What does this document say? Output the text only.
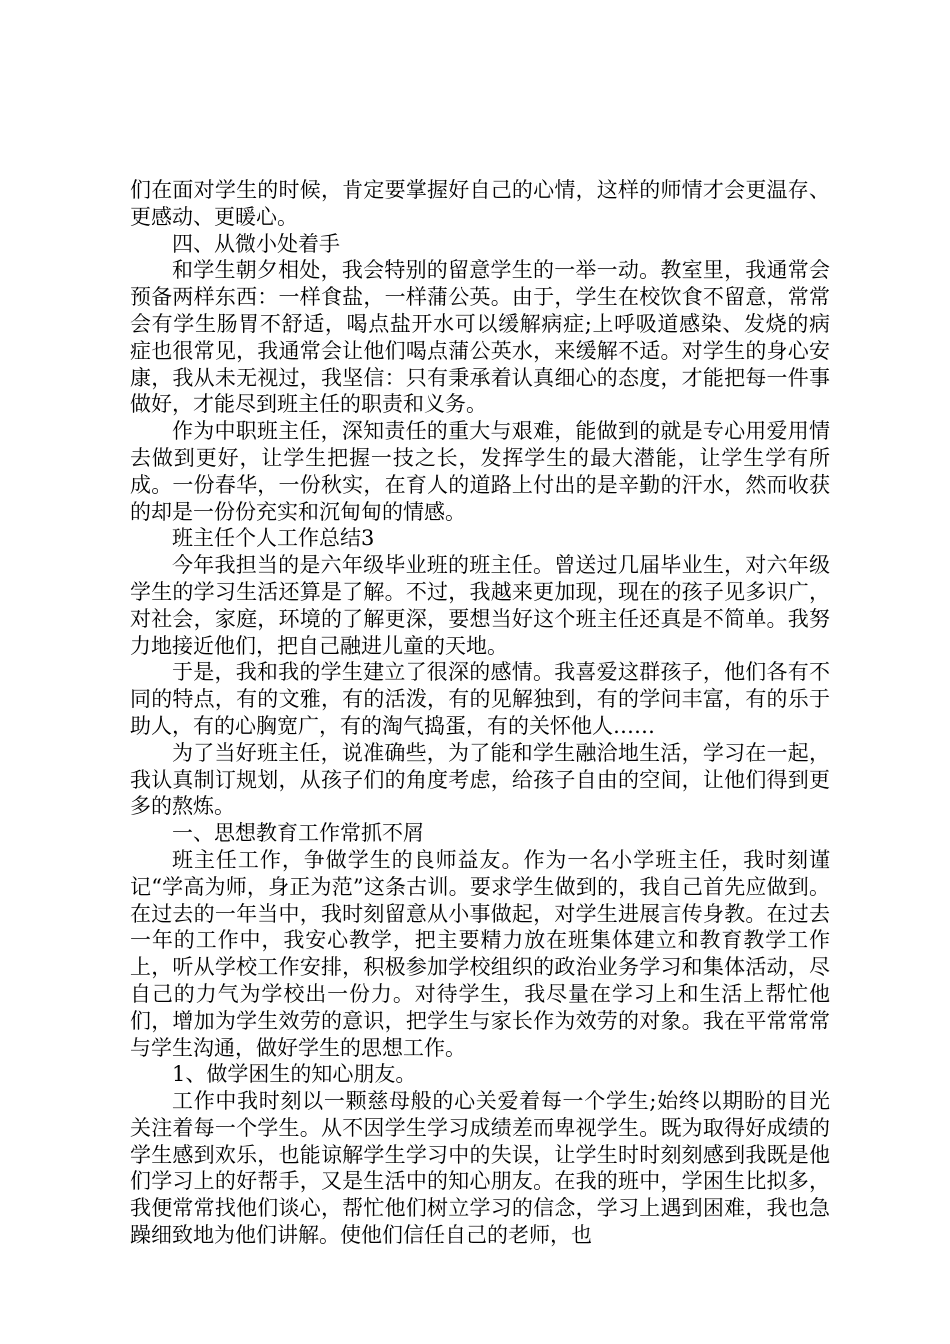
们在面对学生的时候，肯定要掌握好自己的心情，这样的师情才会更温存、更感动、更暖心。

四、从微小处着手

和学生朝夕相处，我会特别的留意学生的一举一动。教室里，我通常会预备两样东西：一样食盐，一样蒲公英。由于，学生在校饮食不留意，常常会有学生肠胃不舒适，喝点盐开水可以缓解病症;上呼吸道感染、发烧的病症也很常见，我通常会让他们喝点蒲公英水，来缓解不适。对学生的身心安康，我从未无视过，我坚信：只有秉承着认真细心的态度，才能把每一件事做好，才能尽到班主任的职责和义务。

作为中职班主任，深知责任的重大与艰难，能做到的就是专心用爱用情去做到更好，让学生把握一技之长，发挥学生的最大潜能，让学生学有所成。一份春华，一份秋实，在育人的道路上付出的是辛勤的汗水，然而收获的却是一份份充实和沉甸甸的情感。

班主任个人工作总结3

今年我担当的是六年级毕业班的班主任。曾送过几届毕业生，对六年级学生的学习生活还算是了解。不过，我越来更加现，现在的孩子见多识广，对社会，家庭，环境的了解更深，要想当好这个班主任还真是不简单。我努力地接近他们，把自己融进儿童的天地。

于是，我和我的学生建立了很深的感情。我喜爱这群孩子，他们各有不同的特点，有的文雅，有的活泼，有的见解独到，有的学问丰富，有的乐于助人，有的心胸宽广，有的淘气捣蛋，有的关怀他人……

为了当好班主任，说准确些，为了能和学生融洽地生活，学习在一起，我认真制订规划，从孩子们的角度考虑，给孩子自由的空间，让他们得到更多的熬炼。

一、思想教育工作常抓不屑

班主任工作，争做学生的良师益友。作为一名小学班主任，我时刻谨记“学高为师，身正为范”这条古训。要求学生做到的，我自己首先应做到。在过去的一年当中，我时刻留意从小事做起，对学生进展言传身教。在过去一年的工作中，我安心教学，把主要精力放在班集体建立和教育教学工作上，听从学校工作安排，积极参加学校组织的政治业务学习和集体活动，尽自己的力气为学校出一份力。对待学生，我尽量在学习上和生活上帮忙他们，增加为学生效劳的意识，把学生与家长作为效劳的对象。我在平常常常与学生沟通，做好学生的思想工作。

1、做学困生的知心朋友。

工作中我时刻以一颗慈母般的心关爱着每一个学生;始终以期盼的目光关注着每一个学生。从不因学生学习成绩差而卑视学生。既为取得好成绩的学生感到欢乐，也能谅解学生学习中的失误，让学生时时刻刻感到我既是他们学习上的好帮手，又是生活中的知心朋友。在我的班中，学困生比拟多，我便常常找他们谈心，帮忙他们树立学习的信念，学习上遇到困难，我也急躁细致地为他们讲解。使他们信任自己的老师，也
